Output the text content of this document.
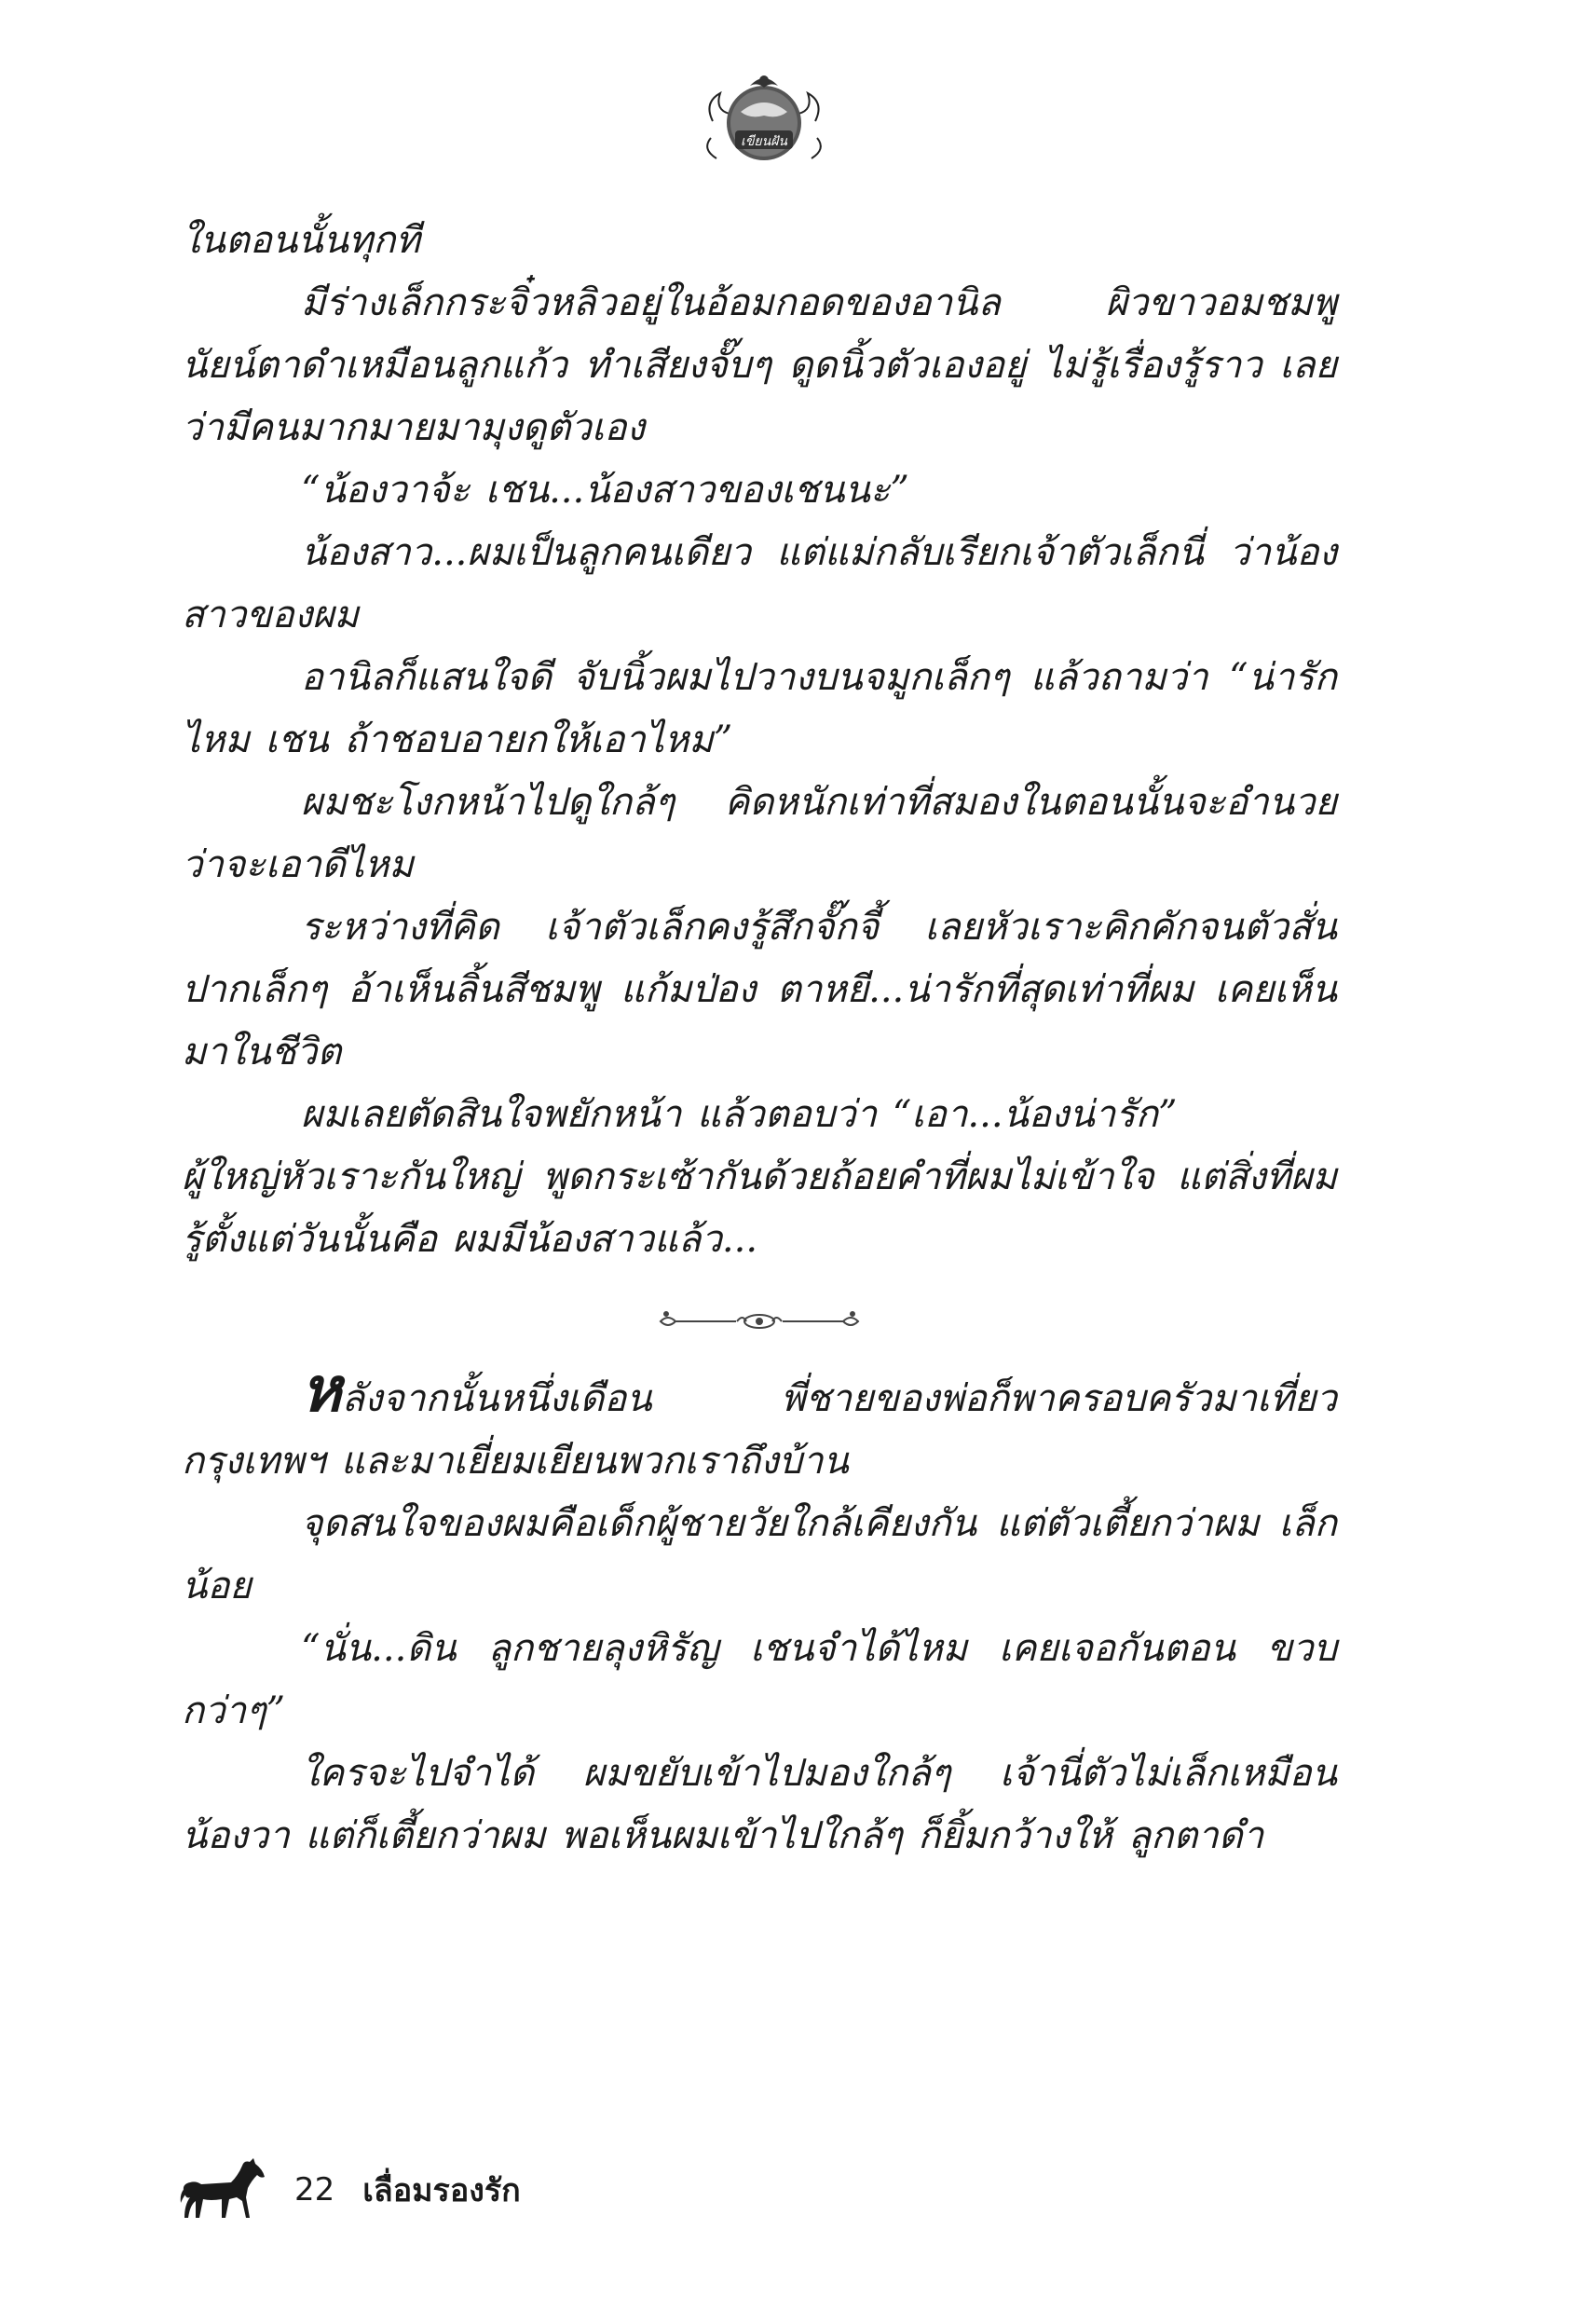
เขียนฝัน

ในตอนนั้นทุกที

มีร่างเล็กกระจิ๋วหลิวอยู่ในอ้อมกอดของอานิล ผิวขาวอมชมพู นัยน์ตาดำเหมือนลูกแก้ว ทำเสียงจั๊บๆ ดูดนิ้วตัวเองอยู่ ไม่รู้เรื่องรู้ราว เลยว่ามีคนมากมายมามุงดูตัวเอง

“น้องวาจ้ะ เชน...น้องสาวของเชนนะ”

น้องสาว...ผมเป็นลูกคนเดียว แต่แม่กลับเรียกเจ้าตัวเล็กนี่ ว่าน้องสาวของผม

อานิลก็แสนใจดี จับนิ้วผมไปวางบนจมูกเล็กๆ แล้วถามว่า “น่ารักไหม เชน ถ้าชอบอายกให้เอาไหม”

ผมชะโงกหน้าไปดูใกล้ๆ คิดหนักเท่าที่สมองในตอนนั้นจะอำนวย ว่าจะเอาดีไหม

ระหว่างที่คิด เจ้าตัวเล็กคงรู้สึกจั๊กจี้ เลยหัวเราะคิกคักจนตัวสั่น ปากเล็กๆ อ้าเห็นลิ้นสีชมพู แก้มป่อง ตาหยี...น่ารักที่สุดเท่าที่ผม เคยเห็นมาในชีวิต

ผมเลยตัดสินใจพยักหน้า แล้วตอบว่า “เอา...น้องน่ารัก”

ผู้ใหญ่หัวเราะกันใหญ่ พูดกระเซ้ากันด้วยถ้อยคำที่ผมไม่เข้าใจ แต่สิ่งที่ผมรู้ตั้งแต่วันนั้นคือ ผมมีน้องสาวแล้ว...

หลังจากนั้นหนึ่งเดือน พี่ชายของพ่อก็พาครอบครัวมาเที่ยว กรุงเทพฯ และมาเยี่ยมเยียนพวกเราถึงบ้าน

จุดสนใจของผมคือเด็กผู้ชายวัยใกล้เคียงกัน แต่ตัวเตี้ยกว่าผม เล็กน้อย

“นั่น...ดิน ลูกชายลุงหิรัญ เชนจำได้ไหม เคยเจอกันตอน ขวบกว่าๆ”

ใครจะไปจำได้ ผมขยับเข้าไปมองใกล้ๆ เจ้านี่ตัวไม่เล็กเหมือน น้องวา แต่ก็เตี้ยกว่าผม พอเห็นผมเข้าไปใกล้ๆ ก็ยิ้มกว้างให้ ลูกตาดำ

22 เลื่อมรองรัก
